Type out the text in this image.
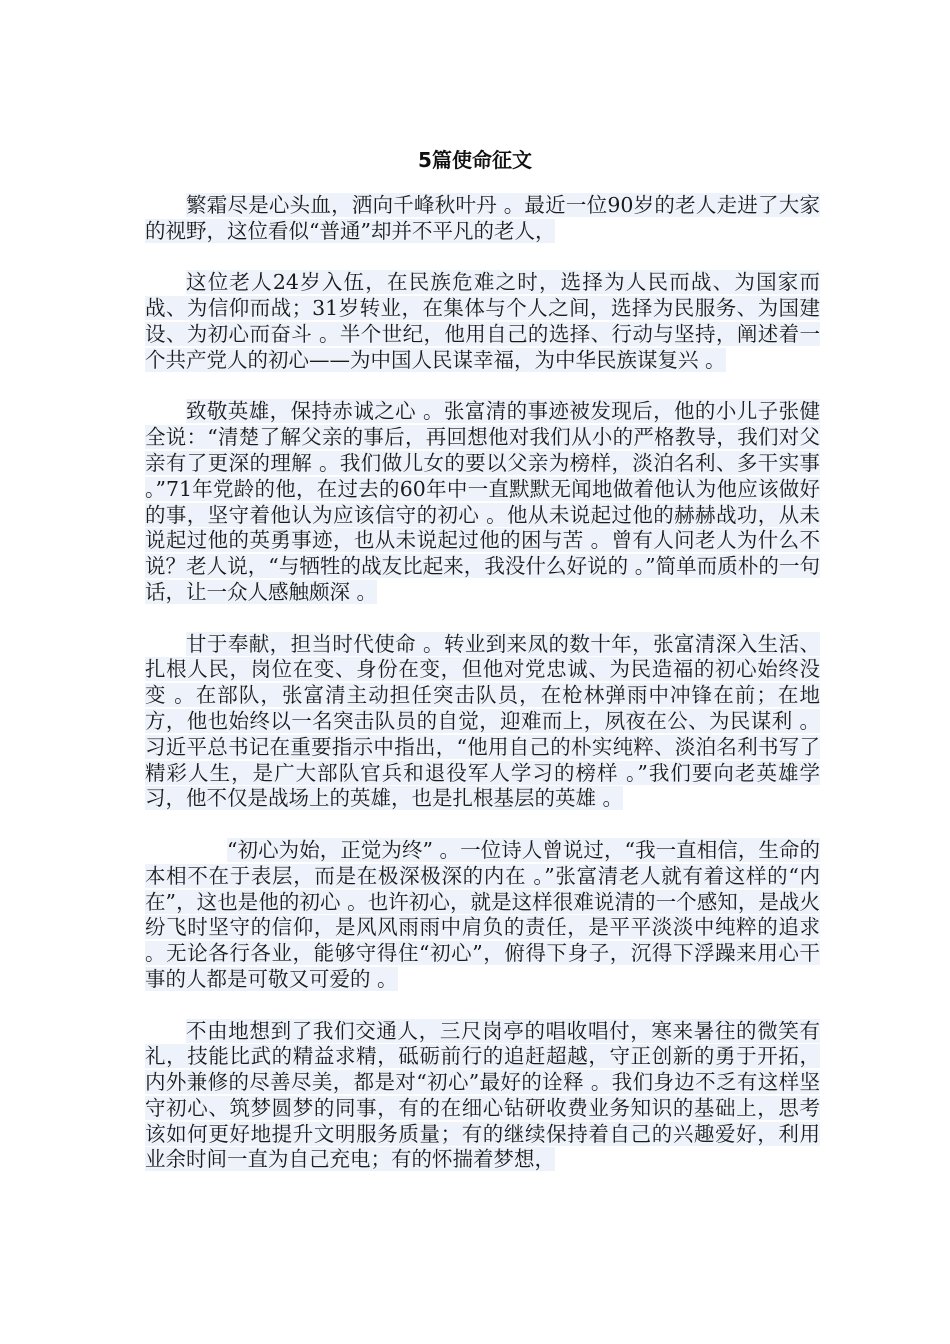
5篇使命征文

繁霜尽是心头血，洒向千峰秋叶丹 。最近一位90岁的老人走进了大家的视野，这位看似“普通”却并不平凡的老人，

这位老人24岁入伍，在民族危难之时，选择为人民而战、为国家而战、为信仰而战；31岁转业，在集体与个人之间，选择为民服务、为国建设、为初心而奋斗 。半个世纪，他用自己的选择、行动与坚持，阐述着一个共产党人的初心——为中国人民谋幸福，为中华民族谋复兴 。

致敬英雄，保持赤诚之心 。张富清的事迹被发现后，他的小儿子张健全说：“清楚了解父亲的事后，再回想他对我们从小的严格教导，我们对父亲有了更深的理解 。我们做儿女的要以父亲为榜样，淡泊名利、多干实事 。”71年党龄的他，在过去的60年中一直默默无闻地做着他认为他应该做好的事，坚守着他认为应该信守的初心 。他从未说起过他的赫赫战功，从未说起过他的英勇事迹，也从未说起过他的困与苦 。曾有人问老人为什么不说？老人说，“与牺牲的战友比起来，我没什么好说的 。”简单而质朴的一句话，让一众人感触颇深 。

甘于奉献，担当时代使命 。转业到来凤的数十年，张富清深入生活、扎根人民，岗位在变、身份在变，但他对党忠诚、为民造福的初心始终没变 。在部队，张富清主动担任突击队员，在枪林弹雨中冲锋在前；在地方，他也始终以一名突击队员的自觉，迎难而上，夙夜在公、为民谋利 。习近平总书记在重要指示中指出，“他用自己的朴实纯粹、淡泊名利书写了精彩人生，是广大部队官兵和退役军人学习的榜样 。”我们要向老英雄学习，他不仅是战场上的英雄，也是扎根基层的英雄 。

“初心为始，正觉为终” 。一位诗人曾说过，“我一直相信，生命的本相不在于表层，而是在极深极深的内在 。”张富清老人就有着这样的“内在”，这也是他的初心 。也许初心，就是这样很难说清的一个感知，是战火纷飞时坚守的信仰，是风风雨雨中肩负的责任，是平平淡淡中纯粹的追求 。无论各行各业，能够守得住“初心”，俯得下身子，沉得下浮躁来用心干事的人都是可敬又可爱的 。

不由地想到了我们交通人，三尺岗亭的唱收唱付，寒来暑往的微笑有礼，技能比武的精益求精，砥砺前行的追赶超越，守正创新的勇于开拓，内外兼修的尽善尽美，都是对“初心”最好的诠释 。我们身边不乏有这样坚守初心、筑梦圆梦的同事，有的在细心钻研收费业务知识的基础上，思考该如何更好地提升文明服务质量；有的继续保持着自己的兴趣爱好，利用业余时间一直为自己充电；有的怀揣着梦想，
